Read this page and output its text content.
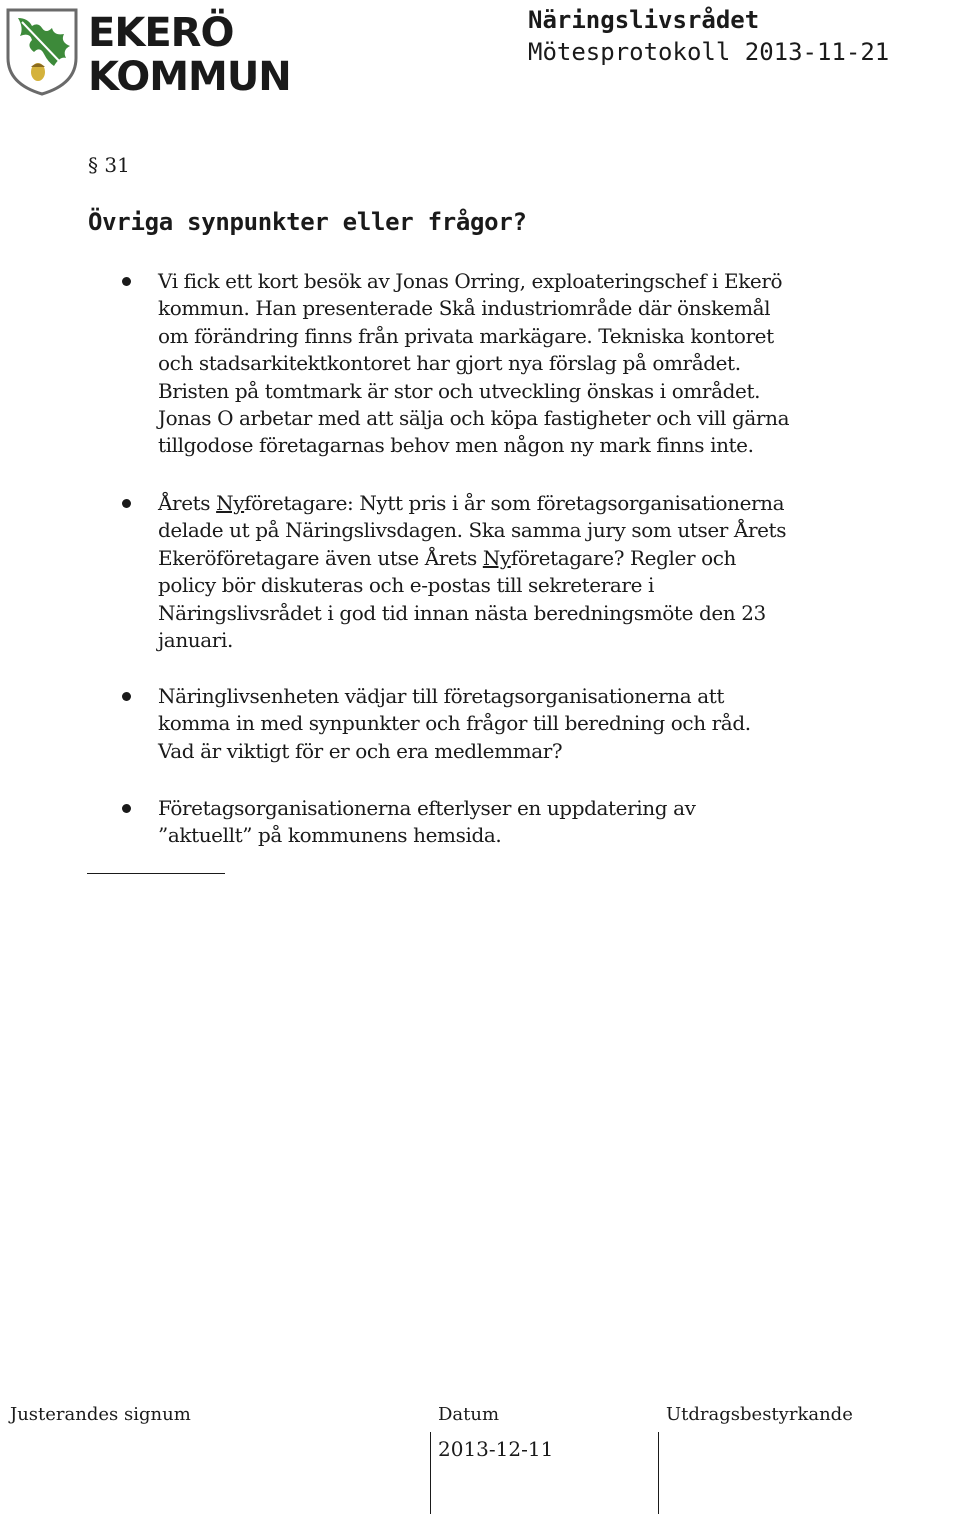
EKERÖ
KOMMUN
Näringslivsrådet
Mötesprotokoll 2013-11-21
§ 31
Övriga synpunkter eller frågor?
Vi fick ett kort besök av Jonas Orring, exploateringschef i Ekerö
kommun. Han presenterade Skå industriområde där önskemål
om förändring finns från privata markägare. Tekniska kontoret
och stadsarkitektkontoret har gjort nya förslag på området.
Bristen på tomtmark är stor och utveckling önskas i området.
Jonas O arbetar med att sälja och köpa fastigheter och vill gärna
tillgodose företagarnas behov men någon ny mark finns inte.
Årets Nyföretagare: Nytt pris i år som företagsorganisationerna
delade ut på Näringslivsdagen. Ska samma jury som utser Årets
Ekeröföretagare även utse Årets Nyföretagare? Regler och
policy bör diskuteras och e-postas till sekreterare i
Näringslivsrådet i god tid innan nästa beredningsmöte den 23
januari.
Näringlivsenheten vädjar till företagsorganisationerna att
komma in med synpunkter och frågor till beredning och råd.
Vad är viktigt för er och era medlemmar?
Företagsorganisationerna efterlyser en uppdatering av
”aktuellt” på kommunens hemsida.
Justerandes signum	Datum	Utdragsbestyrkande
2013-12-11
